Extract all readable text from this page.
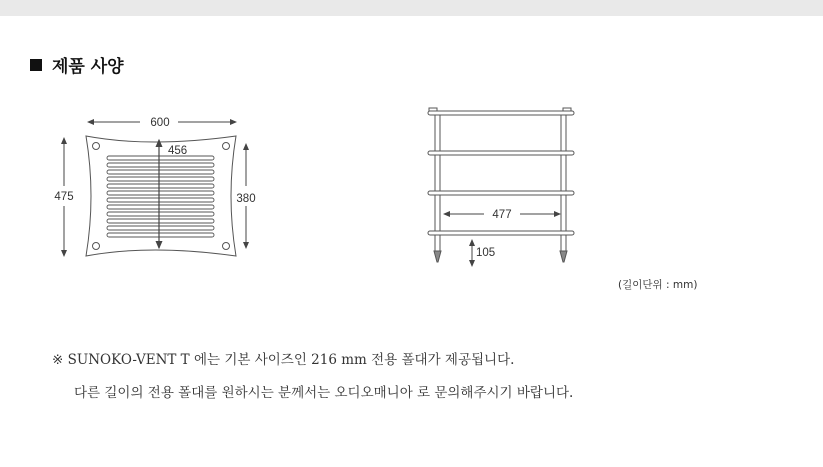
제품 사양
600
456
475	380
477
105
(길이단위 : mm)
※ SUNOKO-VENT T 에는 기본 사이즈인 216 mm 전용 폴대가 제공됩니다.
다른 길이의 전용 폴대를 원하시는 분께서는 오디오매니아 로 문의해주시기 바랍니다.
